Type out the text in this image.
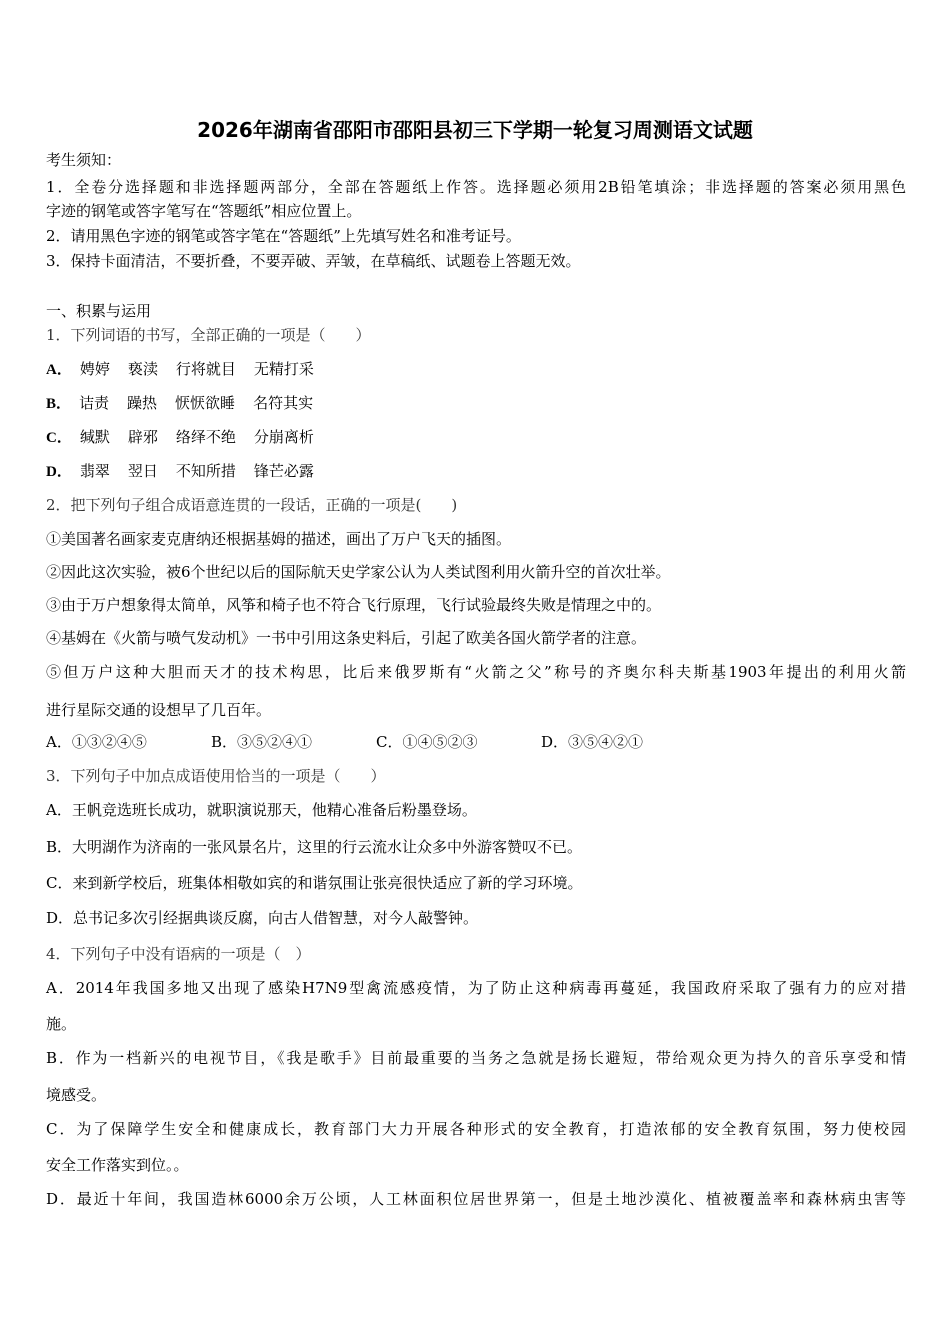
2026年湖南省邵阳市邵阳县初三下学期一轮复习周测语文试题
考生须知：
1．全卷分选择题和非选择题两部分，全部在答题纸上作答。选择题必须用2B铅笔填涂；非选择题的答案必须用黑色
字迹的钢笔或答字笔写在“答题纸”相应位置上。
2．请用黑色字迹的钢笔或答字笔在“答题纸”上先填写姓名和准考证号。
3．保持卡面清洁，不要折叠，不要弄破、弄皱，在草稿纸、试题卷上答题无效。
一、积累与运用
1．下列词语的书写，全部正确的一项是（　　）
A． 娉婷 亵渎 行将就目 无精打采
B． 诘责 躁热 恹恹欲睡 名符其实
C． 缄默 辟邪 络绎不绝 分崩离析
D． 翡翠 翌日 不知所措 锋芒必露
2．把下列句子组合成语意连贯的一段话，正确的一项是(　　)
①美国著名画家麦克唐纳还根据基姆的描述，画出了万户飞天的插图。
②因此这次实验，被6个世纪以后的国际航天史学家公认为人类试图利用火箭升空的首次壮举。
③由于万户想象得太简单，风筝和椅子也不符合飞行原理，飞行试验最终失败是情理之中的。
④基姆在《火箭与喷气发动机》一书中引用这条史料后，引起了欧美各国火箭学者的注意。
⑤但万户这种大胆而天才的技术构思，比后来俄罗斯有“火箭之父”称号的齐奥尔科夫斯基1903年提出的利用火箭
进行星际交通的设想早了几百年。
A．①③②④⑤	B．③⑤②④①	C．①④⑤②③	D．③⑤④②①
3．下列句子中加点成语使用恰当的一项是（　　）
A．王帆竞选班长成功，就职演说那天，他精心准备后粉墨登场。
B．大明湖作为济南的一张风景名片，这里的行云流水让众多中外游客赞叹不已。
C．来到新学校后，班集体相敬如宾的和谐氛围让张亮很快适应了新的学习环境。
D．总书记多次引经据典谈反腐，向古人借智慧，对今人敲警钟。
4．下列句子中没有语病的一项是（　）
A．2014年我国多地又出现了感染H7N9型禽流感疫情，为了防止这种病毒再蔓延，我国政府采取了强有力的应对措
施。
B．作为一档新兴的电视节目，《我是歌手》目前最重要的当务之急就是扬长避短，带给观众更为持久的音乐享受和情
境感受。
C．为了保障学生安全和健康成长，教育部门大力开展各种形式的安全教育，打造浓郁的安全教育氛围，努力使校园
安全工作落实到位。。
D．最近十年间，我国造林6000余万公顷，人工林面积位居世界第一，但是土地沙漠化、植被覆盖率和森林病虫害等
